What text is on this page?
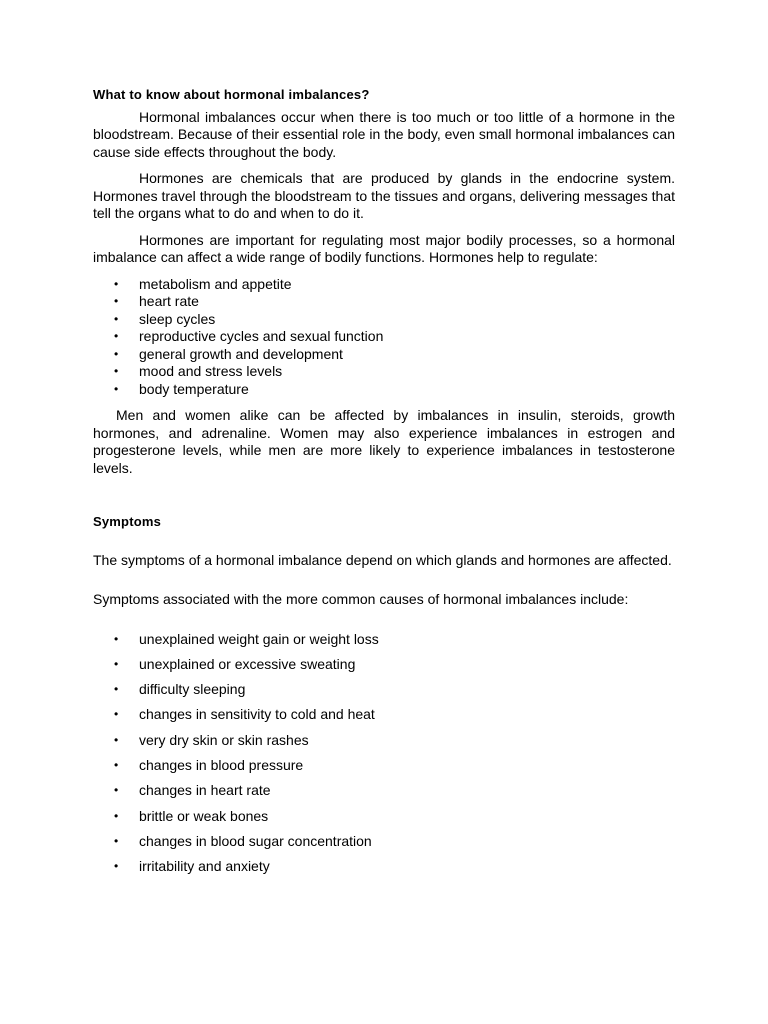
What to know about hormonal imbalances?

Hormonal imbalances occur when there is too much or too little of a hormone in the bloodstream. Because of their essential role in the body, even small hormonal imbalances can cause side effects throughout the body.

Hormones are chemicals that are produced by glands in the endocrine system. Hormones travel through the bloodstream to the tissues and organs, delivering messages that tell the organs what to do and when to do it.

Hormones are important for regulating most major bodily processes, so a hormonal imbalance can affect a wide range of bodily functions. Hormones help to regulate:

• metabolism and appetite
• heart rate
• sleep cycles
• reproductive cycles and sexual function
• general growth and development
• mood and stress levels
• body temperature

Men and women alike can be affected by imbalances in insulin, steroids, growth hormones, and adrenaline. Women may also experience imbalances in estrogen and progesterone levels, while men are more likely to experience imbalances in testosterone levels.

Symptoms

The symptoms of a hormonal imbalance depend on which glands and hormones are affected.

Symptoms associated with the more common causes of hormonal imbalances include:

• unexplained weight gain or weight loss
• unexplained or excessive sweating
• difficulty sleeping
• changes in sensitivity to cold and heat
• very dry skin or skin rashes
• changes in blood pressure
• changes in heart rate
• brittle or weak bones
• changes in blood sugar concentration
• irritability and anxiety
